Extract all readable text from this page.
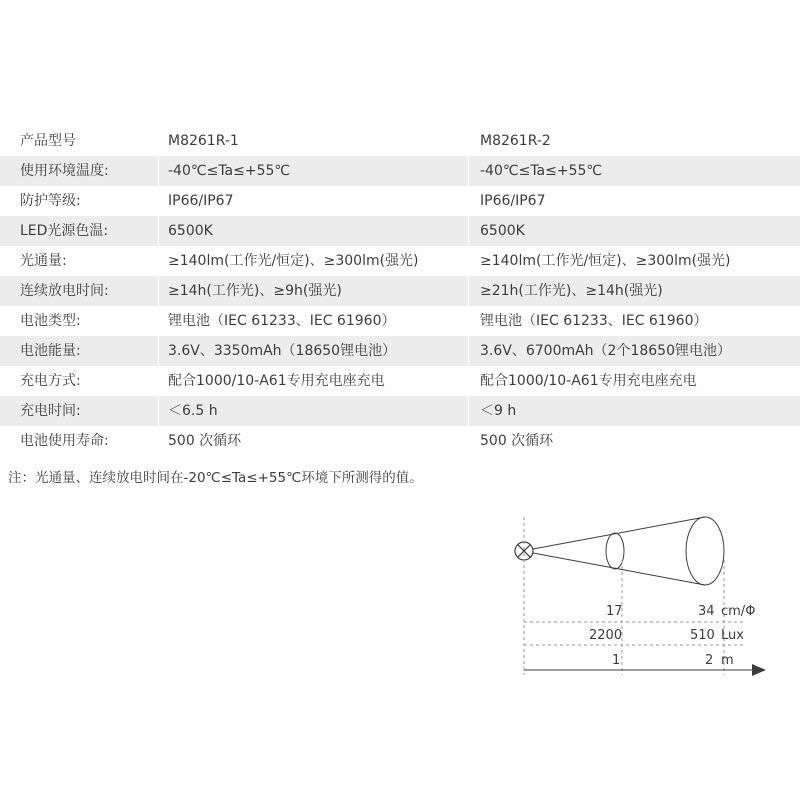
产品型号	M8261R-1	M8261R-2
使用环境温度:	-40℃≤Ta≤+55℃	-40℃≤Ta≤+55℃
防护等级:	IP66/IP67	IP66/IP67
LED光源色温:	6500K	6500K
光通量:	≥140lm(工作光/恒定)、≥300lm(强光)	≥140lm(工作光/恒定)、≥300lm(强光)
连续放电时间:	≥14h(工作光)、≥9h(强光)	≥21h(工作光)、≥14h(强光)
电池类型:	锂电池（IEC 61233、IEC 61960）	锂电池（IEC 61233、IEC 61960）
电池能量:	3.6V、3350mAh（18650锂电池）	3.6V、6700mAh（2个18650锂电池）
充电方式:	配合1000/10-A61专用充电座充电	配合1000/10-A61专用充电座充电
充电时间:	＜6.5 h	＜9 h
电池使用寿命:	500 次循环	500 次循环
注：光通量、连续放电时间在-20℃≤Ta≤+55℃环境下所测得的值。
17	34 cm/Φ
2200	510 Lux
1	2 m
